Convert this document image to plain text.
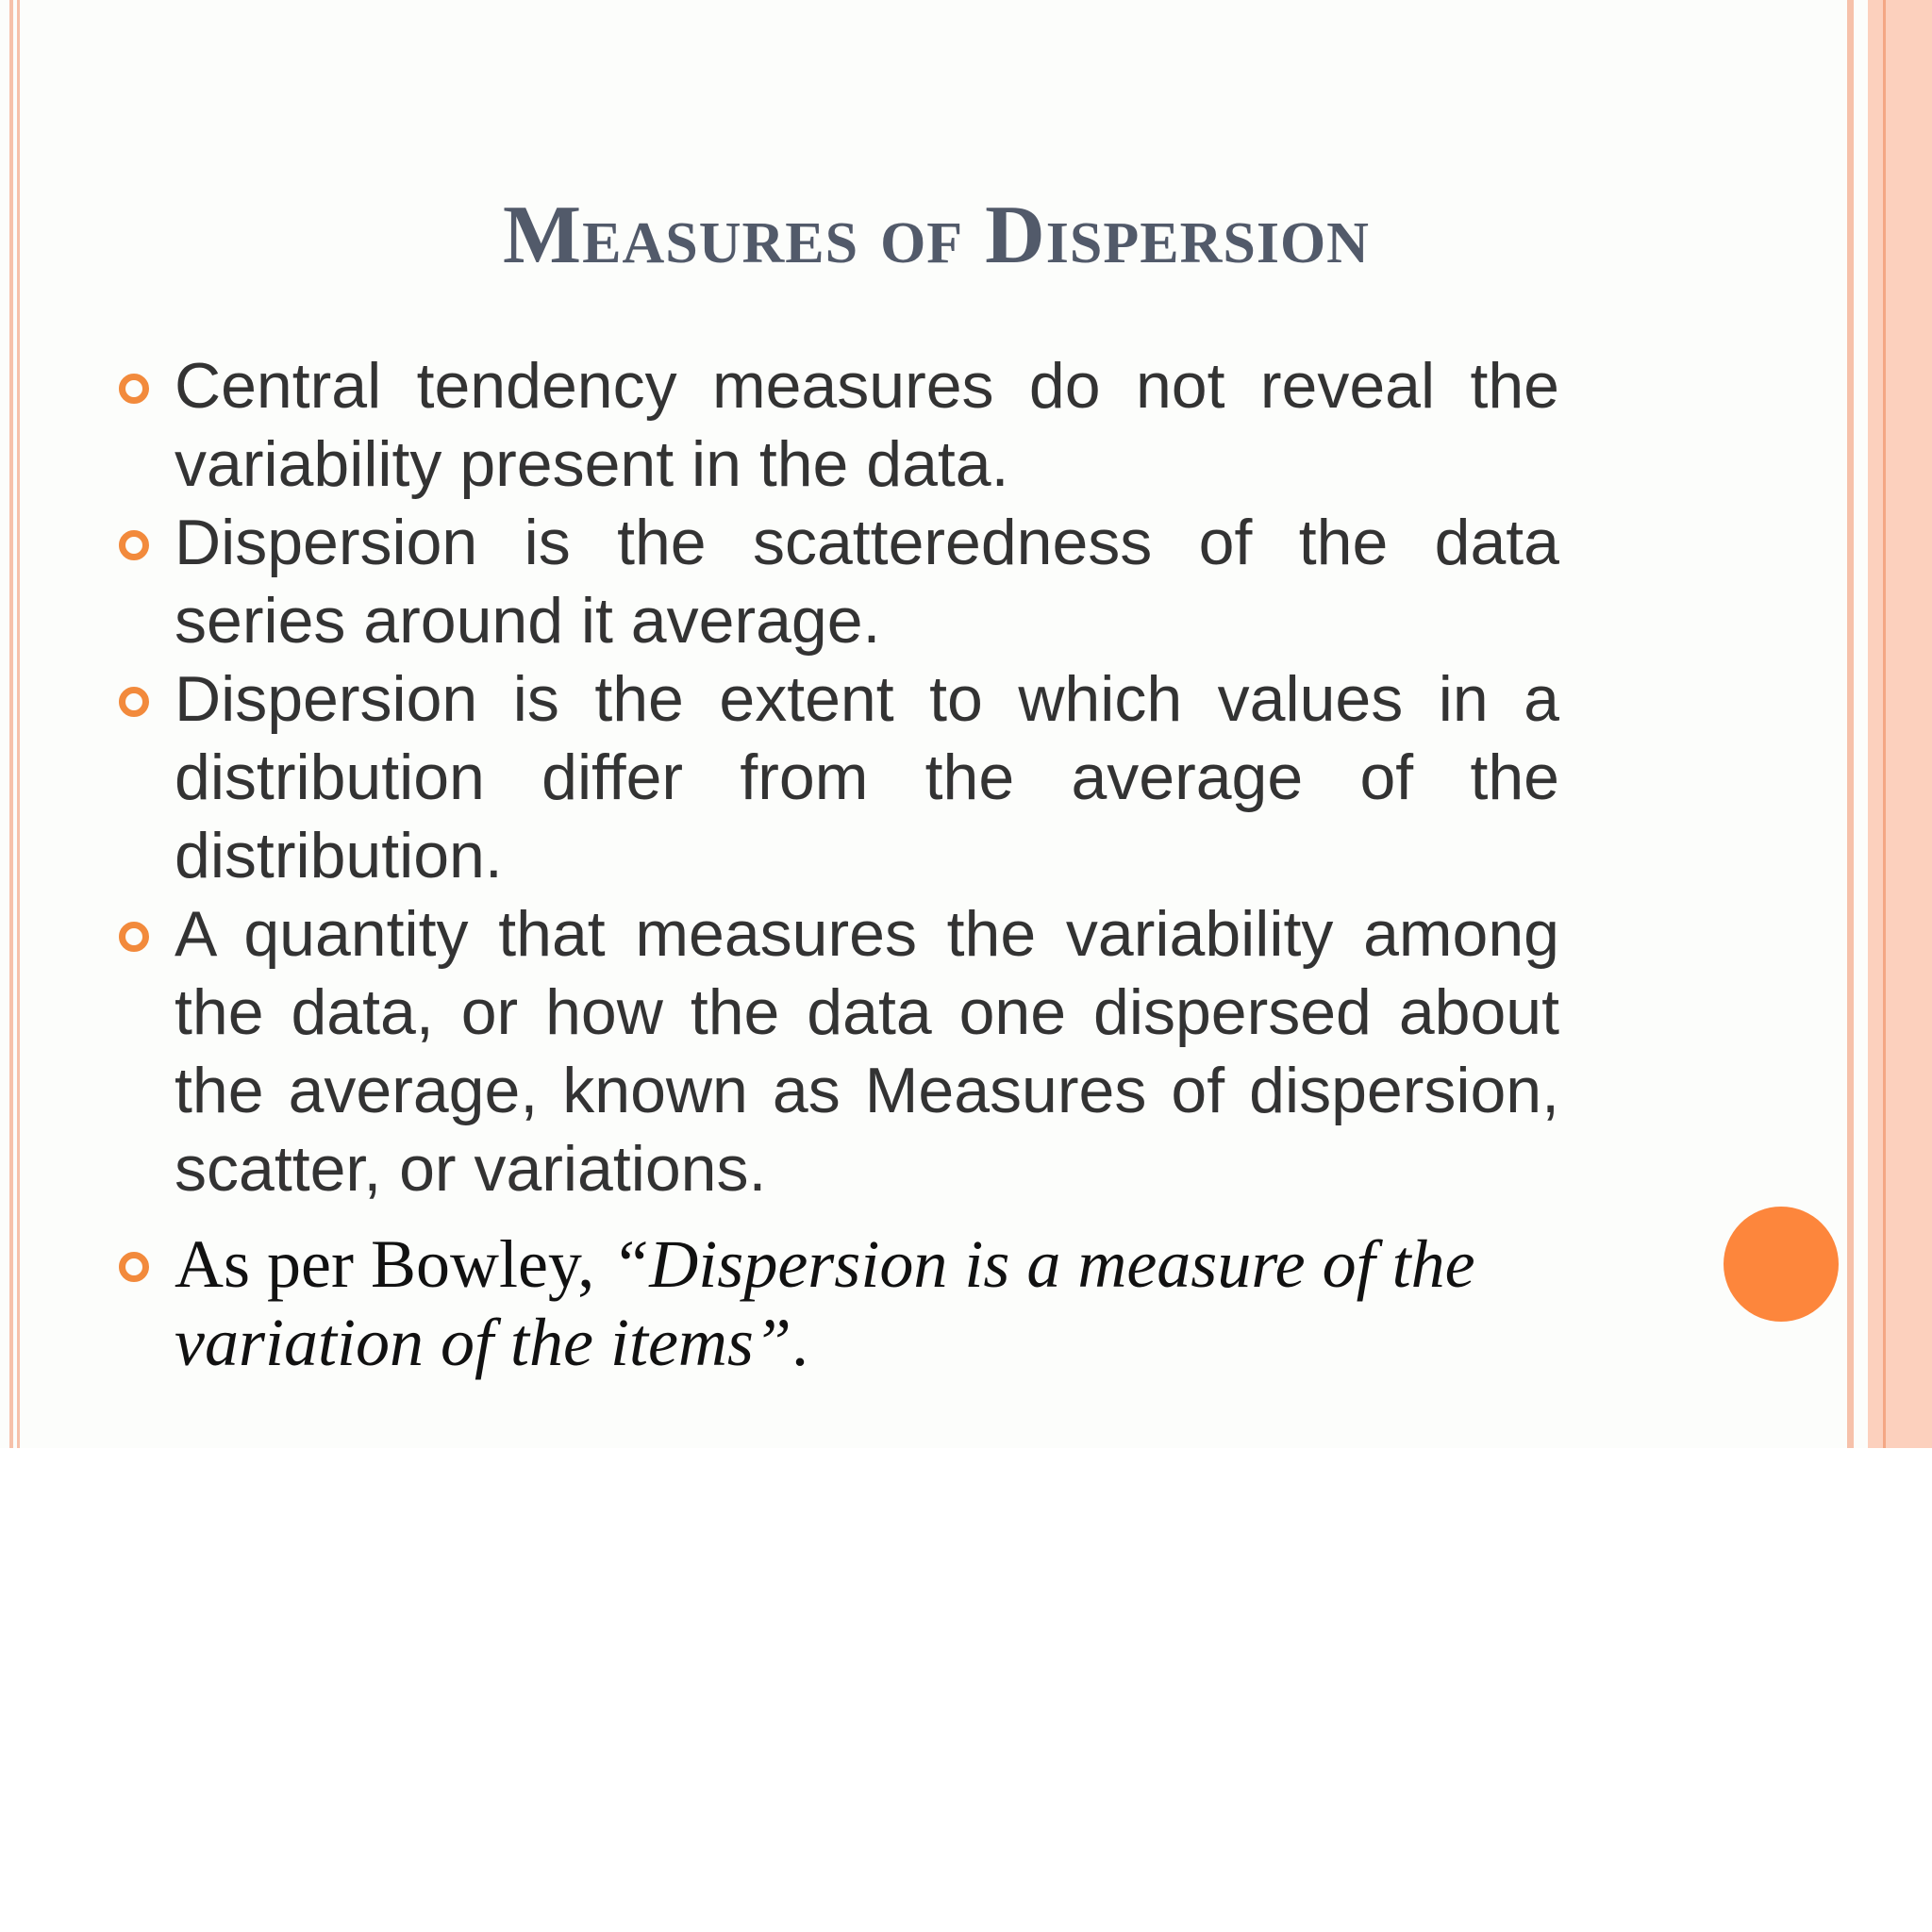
Measures of Dispersion
Central tendency measures do not reveal the variability present in the data.
Dispersion is the scatteredness of the data series around it average.
Dispersion is the extent to which values in a distribution differ from the average of the distribution.
A quantity that measures the variability among the data, or how the data one dispersed about the average, known as Measures of dispersion, scatter, or variations.
As per Bowley, “Dispersion is a measure of the variation of the items”.
